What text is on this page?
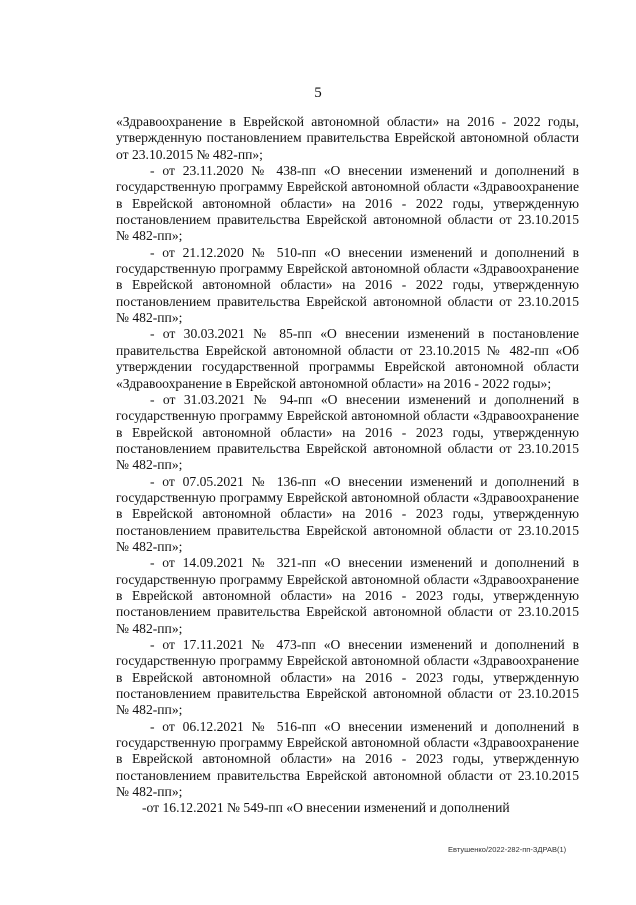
5

«Здравоохранение в Еврейской автономной области» на 2016 - 2022 годы, утвержденную постановлением правительства Еврейской автономной области от 23.10.2015 № 482-пп»;

- от 23.11.2020 № 438-пп «О внесении изменений и дополнений в государственную программу Еврейской автономной области «Здравоохранение в Еврейской автономной области» на 2016 - 2022 годы, утвержденную постановлением правительства Еврейской автономной области от 23.10.2015 № 482-пп»;

- от 21.12.2020 № 510-пп «О внесении изменений и дополнений в государственную программу Еврейской автономной области «Здравоохранение в Еврейской автономной области» на 2016 - 2022 годы, утвержденную постановлением правительства Еврейской автономной области от 23.10.2015 № 482-пп»;

- от 30.03.2021 № 85-пп «О внесении изменений в постановление правительства Еврейской автономной области от 23.10.2015 № 482-пп «Об утверждении государственной программы Еврейской автономной области «Здравоохранение в Еврейской автономной области» на 2016 - 2022 годы»;

- от 31.03.2021 № 94-пп «О внесении изменений и дополнений в государственную программу Еврейской автономной области «Здравоохранение в Еврейской автономной области» на 2016 - 2023 годы, утвержденную постановлением правительства Еврейской автономной области от 23.10.2015 № 482-пп»;

- от 07.05.2021 № 136-пп «О внесении изменений и дополнений в государственную программу Еврейской автономной области «Здравоохранение в Еврейской автономной области» на 2016 - 2023 годы, утвержденную постановлением правительства Еврейской автономной области от 23.10.2015 № 482-пп»;

- от 14.09.2021 № 321-пп «О внесении изменений и дополнений в государственную программу Еврейской автономной области «Здравоохранение в Еврейской автономной области» на 2016 - 2023 годы, утвержденную постановлением правительства Еврейской автономной области от 23.10.2015 № 482-пп»;

- от 17.11.2021 № 473-пп «О внесении изменений и дополнений в государственную программу Еврейской автономной области «Здравоохранение в Еврейской автономной области» на 2016 - 2023 годы, утвержденную постановлением правительства Еврейской автономной области от 23.10.2015 № 482-пп»;

- от 06.12.2021 № 516-пп «О внесении изменений и дополнений в государственную программу Еврейской автономной области «Здравоохранение в Еврейской автономной области» на 2016 - 2023 годы, утвержденную постановлением правительства Еврейской автономной области от 23.10.2015 № 482-пп»;

-от 16.12.2021 № 549-пп «О внесении изменений и дополнений

Евтушенко/2022-282-пп-ЗДРАВ(1)
